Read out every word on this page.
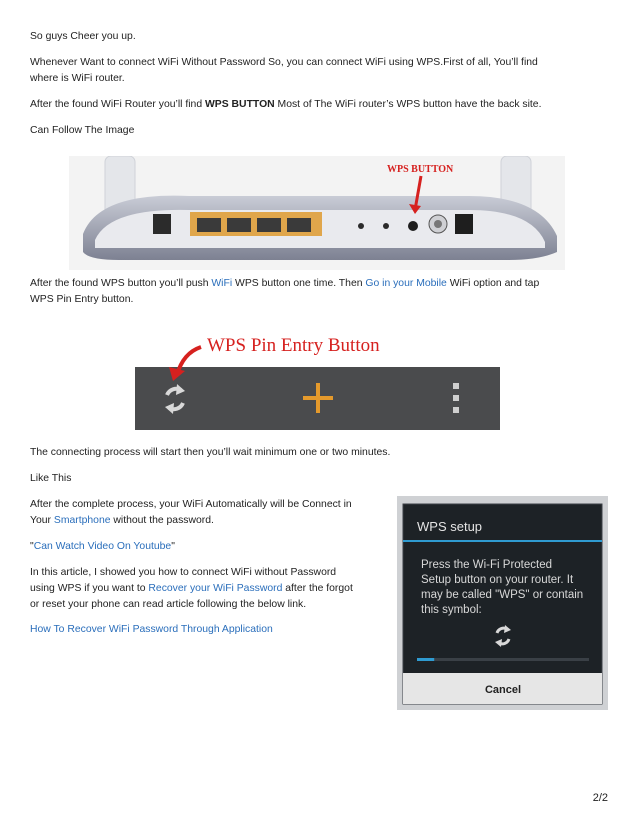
So guys Cheer you up.

Whenever Want to connect WiFi Without Password So, you can connect WiFi using WPS.First of all, You’ll find
where is WiFi router.

After the found WiFi Router you’ll find WPS BUTTON Most of The WiFi router’s WPS button have the back site.

Can Follow The Image

WPS BUTTON

After the found WPS button you’ll push WiFi WPS button one time. Then Go in your Mobile WiFi option and tap
WPS Pin Entry button.

WPS Pin Entry Button

The connecting process will start then you’ll wait minimum one or two minutes.

Like This

After the complete process, your WiFi Automatically will be Connect in
Your Smartphone without the password.

"Can Watch Video On Youtube"

In this article, I showed you how to connect WiFi without Password
using WPS if you want to Recover your WiFi Password after the forgot
or reset your phone can read article following the below link.

How To Recover WiFi Password Through Application

WPS setup
Press the Wi-Fi Protected
Setup button on your router. It
may be called "WPS" or contain
this symbol:
Cancel
2/2
